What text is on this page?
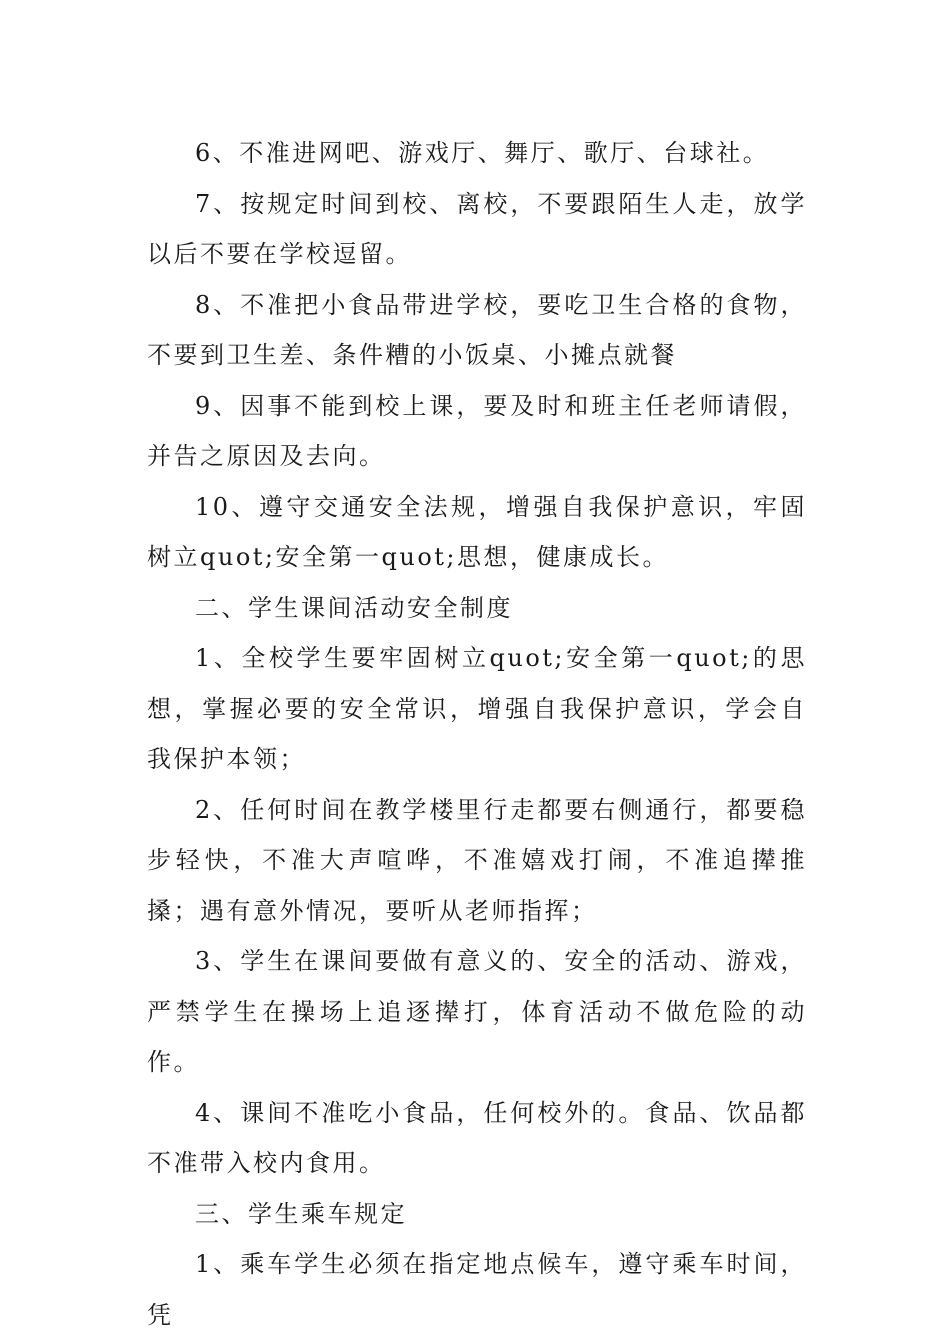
6、不准进网吧、游戏厅、舞厅、歌厅、台球社。

7、按规定时间到校、离校，不要跟陌生人走，放学以后不要在学校逗留。

8、不准把小食品带进学校，要吃卫生合格的食物，不要到卫生差、条件糟的小饭桌、小摊点就餐

9、因事不能到校上课，要及时和班主任老师请假，并告之原因及去向。

10、遵守交通安全法规，增强自我保护意识，牢固树立quot;安全第一quot;思想，健康成长。

二、学生课间活动安全制度

1、全校学生要牢固树立quot;安全第一quot;的思想，掌握必要的安全常识，增强自我保护意识，学会自我保护本领；

2、任何时间在教学楼里行走都要右侧通行，都要稳步轻快，不准大声喧哗，不准嬉戏打闹，不准追撵推搡；遇有意外情况，要听从老师指挥；

3、学生在课间要做有意义的、安全的活动、游戏，严禁学生在操场上追逐撵打，体育活动不做危险的动作。

4、课间不准吃小食品，任何校外的。食品、饮品都不准带入校内食用。

三、学生乘车规定

1、乘车学生必须在指定地点候车，遵守乘车时间，凭
